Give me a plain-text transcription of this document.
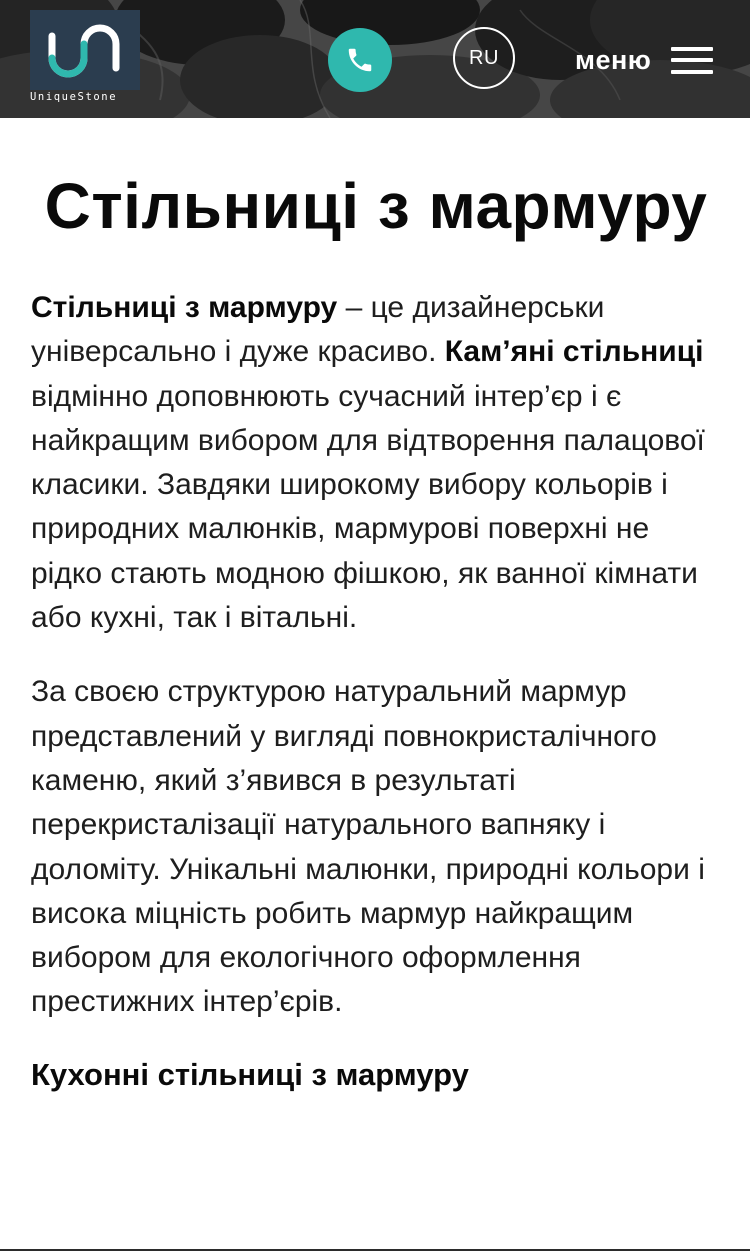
UniqueStone
RU	меню
Стільниці з мармуру

Стільниці з мармуру – це дизайнерськи універсально і дуже красиво. Кам’яні стільниці відмінно доповнюють сучасний інтер’єр і є найкращим вибором для відтворення палацової класики. Завдяки широкому вибору кольорів і природних малюнків, мармурові поверхні не рідко стають модною фішкою, як ванної кімнати або кухні, так і вітальні.

За своєю структурою натуральний мармур представлений у вигляді повнокристалічного каменю, який з’явився в результаті перекристалізації натурального вапняку і доломіту. Унікальні малюнки, природні кольори і висока міцність робить мармур найкращим вибором для екологічного оформлення престижних інтер’єрів.

Кухонні стільниці з мармуру
